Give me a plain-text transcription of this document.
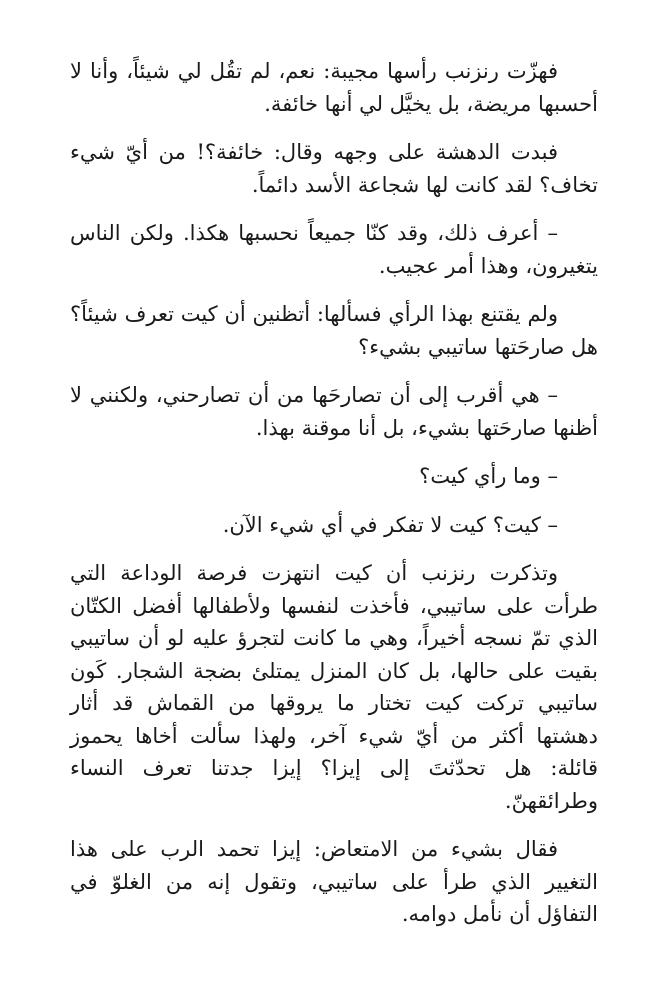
فهزّت رنزنب رأسها مجيبة: نعم، لم تقُل لي شيئاً، وأنا لا أحسبها مريضة، بل يخيَّل لي أنها خائفة.

فبدت الدهشة على وجهه وقال: خائفة؟! من أيّ شيء تخاف؟ لقد كانت لها شجاعة الأسد دائماً.

– أعرف ذلك، وقد كنّا جميعاً نحسبها هكذا. ولكن الناس يتغيرون، وهذا أمر عجيب.

ولم يقتنع بهذا الرأي فسألها: أتظنين أن كيت تعرف شيئاً؟ هل صارحَتها ساتيبي بشيء؟

– هي أقرب إلى أن تصارحَها من أن تصارحني، ولكنني لا أظنها صارحَتها بشيء، بل أنا موقنة بهذا.

– وما رأي كيت؟

– كيت؟ كيت لا تفكر في أي شيء الآن.

وتذكرت رنزنب أن كيت انتهزت فرصة الوداعة التي طرأت على ساتيبي، فأخذت لنفسها ولأطفالها أفضل الكتّان الذي تمّ نسجه أخيراً، وهي ما كانت لتجرؤ عليه لو أن ساتيبي بقيت على حالها، بل كان المنزل يمتلئ بضجة الشجار. كَون ساتيبي تركت كيت تختار ما يروقها من القماش قد أثار دهشتها أكثر من أيّ شيء آخر، ولهذا سألت أخاها يحموز قائلة: هل تحدّثتَ إلى إيزا؟ إيزا جدتنا تعرف النساء وطرائقهنّ.

فقال بشيء من الامتعاض: إيزا تحمد الرب على هذا التغيير الذي طرأ على ساتيبي، وتقول إنه من الغلوّ في التفاؤل أن نأمل دوامه.
